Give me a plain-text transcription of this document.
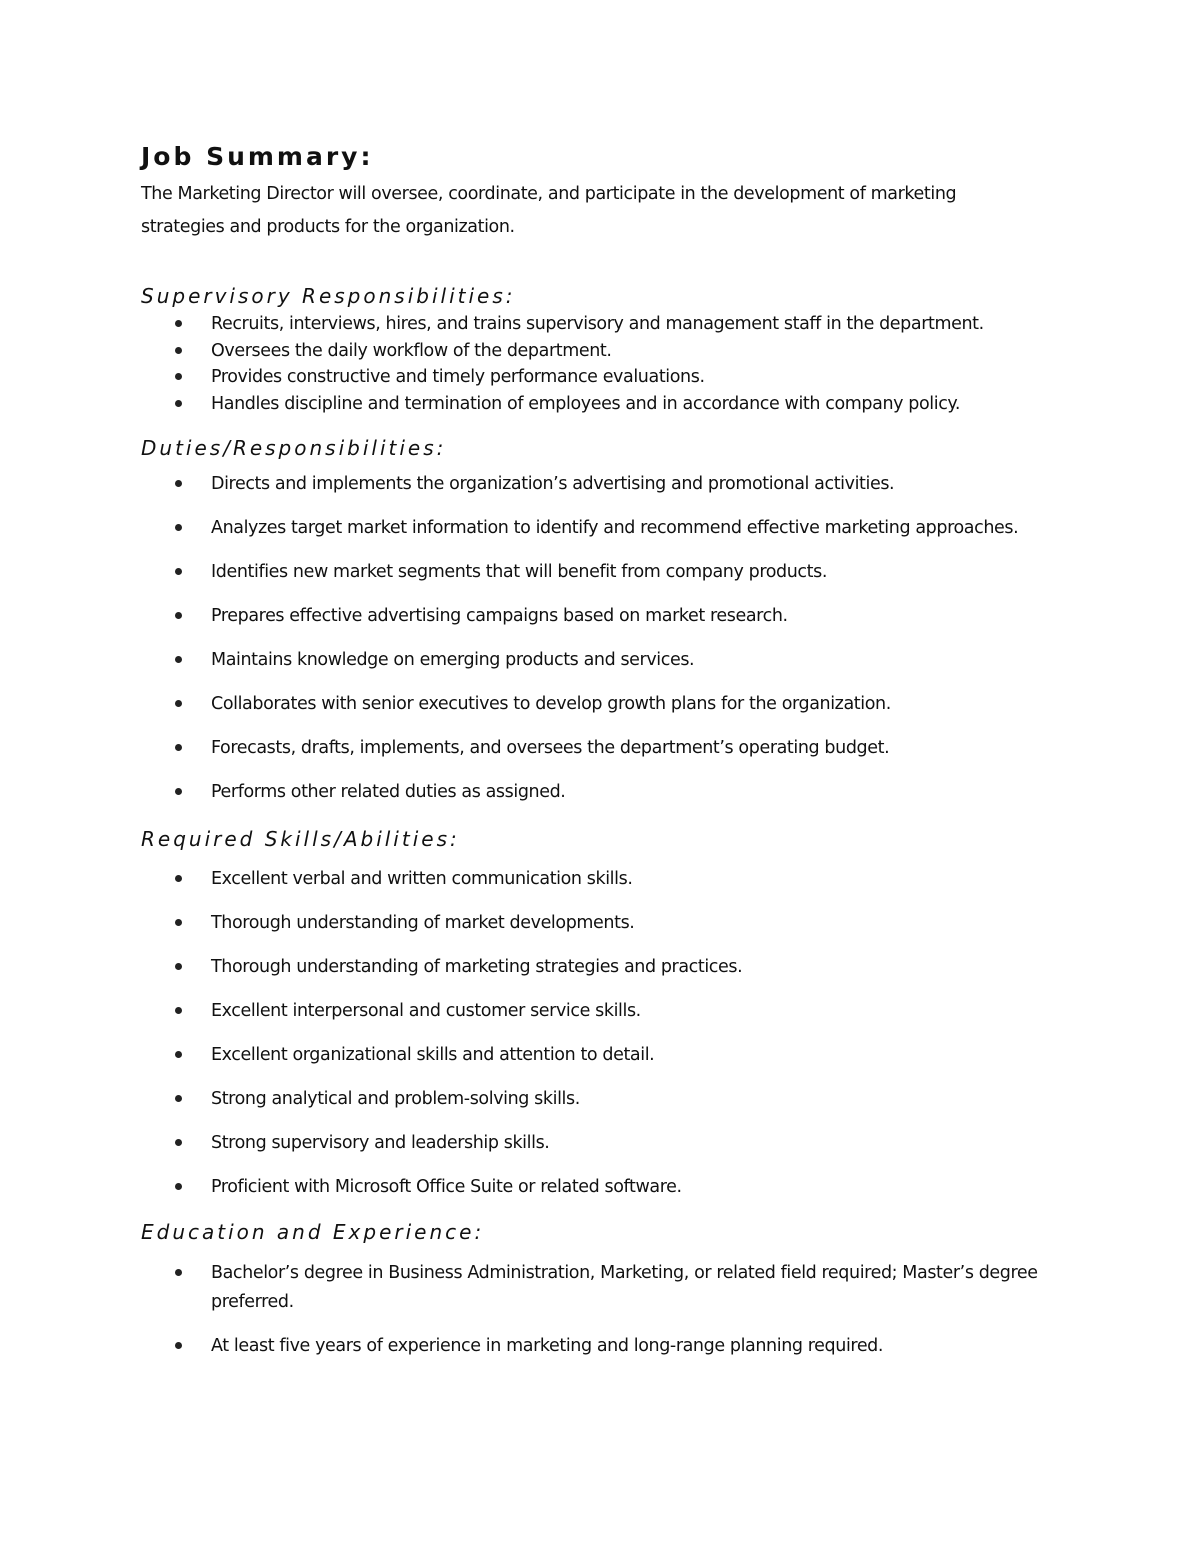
Job Summary:
The Marketing Director will oversee, coordinate, and participate in the development of marketing strategies and products for the organization.
Supervisory Responsibilities:
Recruits, interviews, hires, and trains supervisory and management staff in the department.
Oversees the daily workflow of the department.
Provides constructive and timely performance evaluations.
Handles discipline and termination of employees and in accordance with company policy.
Duties/Responsibilities:
Directs and implements the organization’s advertising and promotional activities.
Analyzes target market information to identify and recommend effective marketing approaches.
Identifies new market segments that will benefit from company products.
Prepares effective advertising campaigns based on market research.
Maintains knowledge on emerging products and services.
Collaborates with senior executives to develop growth plans for the organization.
Forecasts, drafts, implements, and oversees the department’s operating budget.
Performs other related duties as assigned.
Required Skills/Abilities:
Excellent verbal and written communication skills.
Thorough understanding of market developments.
Thorough understanding of marketing strategies and practices.
Excellent interpersonal and customer service skills.
Excellent organizational skills and attention to detail.
Strong analytical and problem-solving skills.
Strong supervisory and leadership skills.
Proficient with Microsoft Office Suite or related software.
Education and Experience:
Bachelor’s degree in Business Administration, Marketing, or related field required; Master’s degree preferred.
At least five years of experience in marketing and long-range planning required.
